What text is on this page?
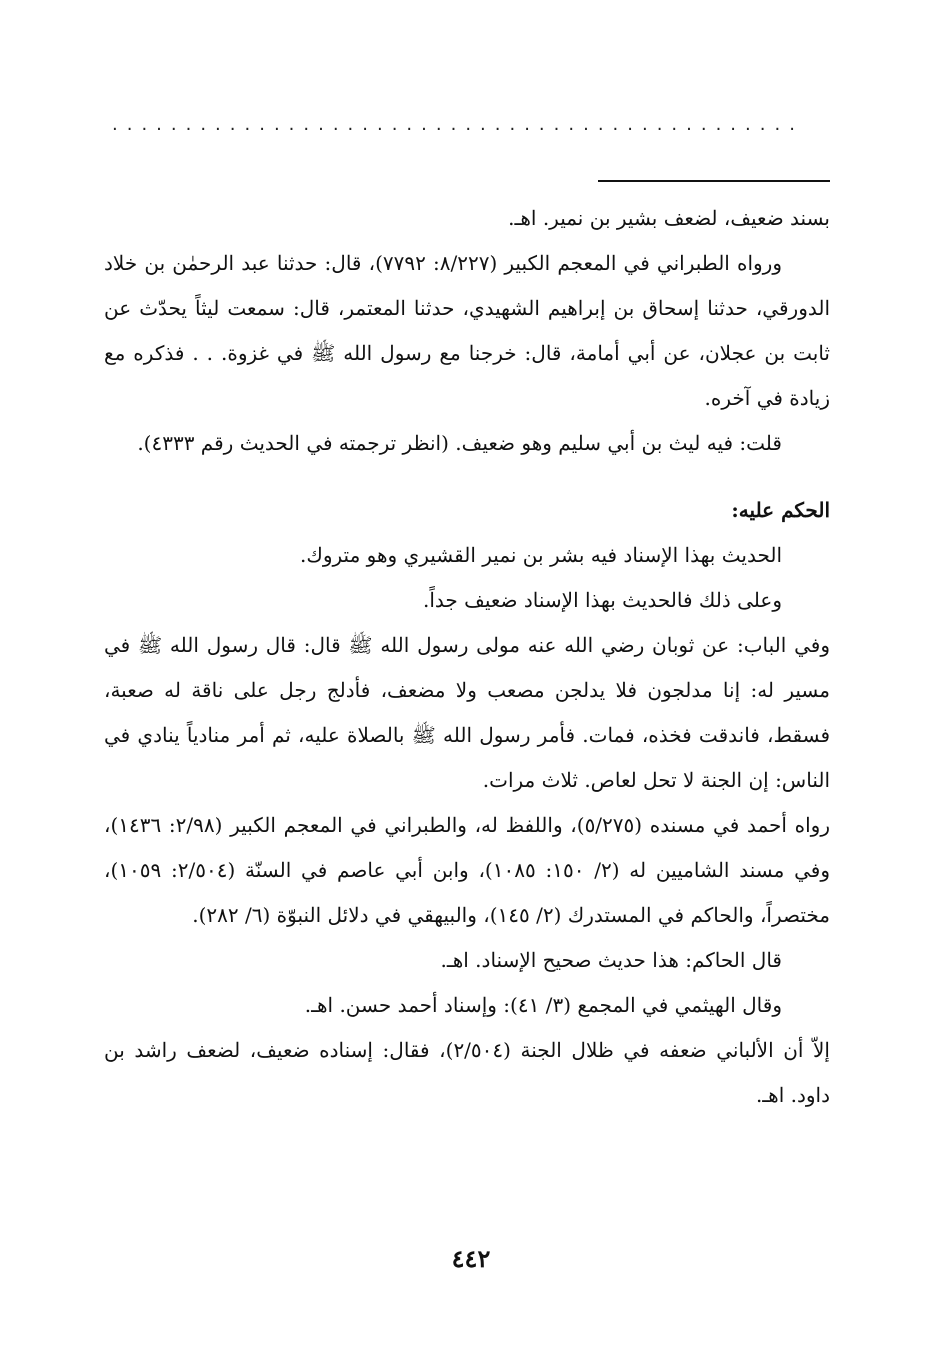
...............................................

بسند ضعيف، لضعف بشير بن نمير. اهـ.

ورواه الطبراني في المعجم الكبير (٨/٢٢٧: ٧٧٩٢)، قال: حدثنا عبد الرحمٰن بن خلاد الدورقي، حدثنا إسحاق بن إبراهيم الشهيدي، حدثنا المعتمر، قال: سمعت ليثاً يحدّث عن ثابت بن عجلان، عن أبي أمامة، قال: خرجنا مع رسول الله ﷺ في غزوة. . . فذكره مع زيادة في آخره.

قلت: فيه ليث بن أبي سليم وهو ضعيف. (انظر ترجمته في الحديث رقم ٤٣٣٣).

الحكم عليه:

الحديث بهذا الإسناد فيه بشر بن نمير القشيري وهو متروك.

وعلى ذلك فالحديث بهذا الإسناد ضعيف جداً.

وفي الباب: عن ثوبان رضي الله عنه مولى رسول الله ﷺ قال: قال رسول الله ﷺ في مسير له: إنا مدلجون فلا يدلجن مصعب ولا مضعف، فأدلج رجل على ناقة له صعبة، فسقط، فاندقت فخذه، فمات. فأمر رسول الله ﷺ بالصلاة عليه، ثم أمر منادياً ينادي في الناس: إن الجنة لا تحل لعاص. ثلاث مرات.

رواه أحمد في مسنده (٥/٢٧٥)، واللفظ له، والطبراني في المعجم الكبير (٢/٩٨: ١٤٣٦)، وفي مسند الشاميين له (٢/ ١٥٠: ١٠٨٥)، وابن أبي عاصم في السنّة (٢/٥٠٤: ١٠٥٩)، مختصراً، والحاكم في المستدرك (٢/ ١٤٥)، والبيهقي في دلائل النبوّة (٦/ ٢٨٢).

قال الحاكم: هذا حديث صحيح الإسناد. اهـ.

وقال الهيثمي في المجمع (٣/ ٤١): وإسناد أحمد حسن. اهـ.

إلاّ أن الألباني ضعفه في ظلال الجنة (٢/٥٠٤)، فقال: إسناده ضعيف، لضعف راشد بن داود. اهـ.

٤٤٢
